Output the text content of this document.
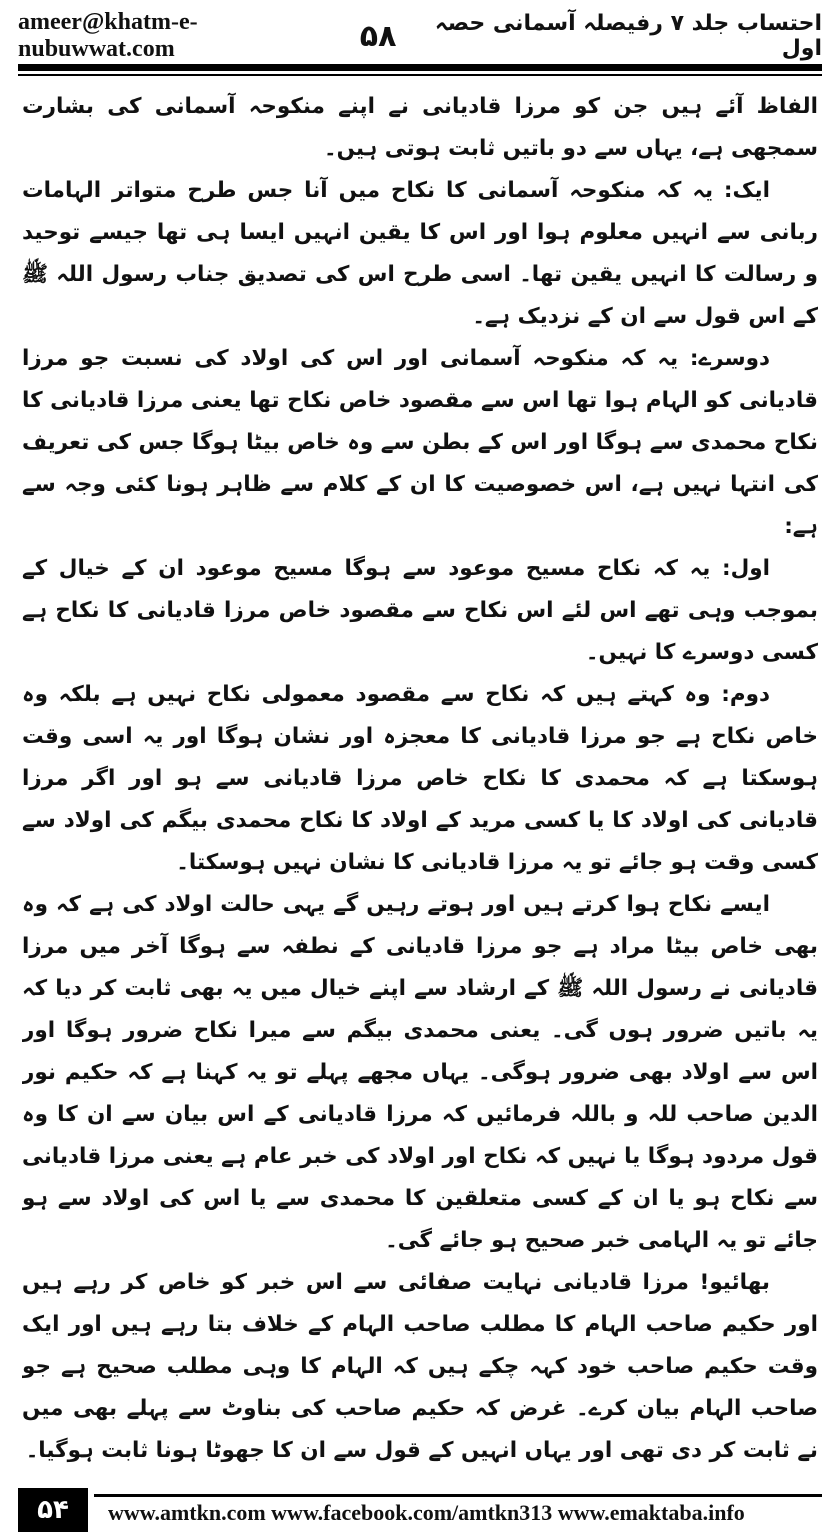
ameer@khatm-e-nubuwwat.com	۵۸	احتساب جلد ۷ رفیصلہ آسمانی حصہ اول

الفاظ آئے ہیں جن کو مرزا قادیانی نے اپنے منکوحہ آسمانی کی بشارت سمجھی ہے، یہاں سے دو باتیں ثابت ہوتی ہیں۔

ایک: یہ کہ منکوحہ آسمانی کا نکاح میں آنا جس طرح متواتر الہامات ربانی سے انہیں معلوم ہوا اور اس کا یقین انہیں ایسا ہی تھا جیسے توحید و رسالت کا انہیں یقین تھا۔ اسی طرح اس کی تصدیق جناب رسول اللہ ﷺ کے اس قول سے ان کے نزدیک ہے۔

دوسرے: یہ کہ منکوحہ آسمانی اور اس کی اولاد کی نسبت جو مرزا قادیانی کو الہام ہوا تھا اس سے مقصود خاص نکاح تھا یعنی مرزا قادیانی کا نکاح محمدی سے ہوگا اور اس کے بطن سے وہ خاص بیٹا ہوگا جس کی تعریف کی انتہا نہیں ہے، اس خصوصیت کا ان کے کلام سے ظاہر ہونا کئی وجہ سے ہے:

اول: یہ کہ نکاح مسیح موعود سے ہوگا مسیح موعود ان کے خیال کے بموجب وہی تھے اس لئے اس نکاح سے مقصود خاص مرزا قادیانی کا نکاح ہے کسی دوسرے کا نہیں۔

دوم: وہ کہتے ہیں کہ نکاح سے مقصود معمولی نکاح نہیں ہے بلکہ وہ خاص نکاح ہے جو مرزا قادیانی کا معجزہ اور نشان ہوگا اور یہ اسی وقت ہوسکتا ہے کہ محمدی کا نکاح خاص مرزا قادیانی سے ہو اور اگر مرزا قادیانی کی اولاد کا یا کسی مرید کے اولاد کا نکاح محمدی بیگم کی اولاد سے کسی وقت ہو جائے تو یہ مرزا قادیانی کا نشان نہیں ہوسکتا۔

ایسے نکاح ہوا کرتے ہیں اور ہوتے رہیں گے یہی حالت اولاد کی ہے کہ وہ بھی خاص بیٹا مراد ہے جو مرزا قادیانی کے نطفہ سے ہوگا آخر میں مرزا قادیانی نے رسول اللہ ﷺ کے ارشاد سے اپنے خیال میں یہ بھی ثابت کر دیا کہ یہ باتیں ضرور ہوں گی۔ یعنی محمدی بیگم سے میرا نکاح ضرور ہوگا اور اس سے اولاد بھی ضرور ہوگی۔ یہاں مجھے پہلے تو یہ کہنا ہے کہ حکیم نور الدین صاحب للہ و باللہ فرمائیں کہ مرزا قادیانی کے اس بیان سے ان کا وہ قول مردود ہوگا یا نہیں کہ نکاح اور اولاد کی خبر عام ہے یعنی مرزا قادیانی سے نکاح ہو یا ان کے کسی متعلقین کا محمدی سے یا اس کی اولاد سے ہو جائے تو یہ الہامی خبر صحیح ہو جائے گی۔

بھائیو! مرزا قادیانی نہایت صفائی سے اس خبر کو خاص کر رہے ہیں اور حکیم صاحب الہام کا مطلب صاحب الہام کے خلاف بتا رہے ہیں اور ایک وقت حکیم صاحب خود کہہ چکے ہیں کہ الہام کا وہی مطلب صحیح ہے جو صاحب الہام بیان کرے۔ غرض کہ حکیم صاحب کی بناوٹ سے پہلے بھی میں نے ثابت کر دی تھی اور یہاں انہیں کے قول سے ان کا جھوٹا ہونا ثابت ہوگیا۔

۵۴	www.amtkn.com www.facebook.com/amtkn313 www.emaktaba.info
